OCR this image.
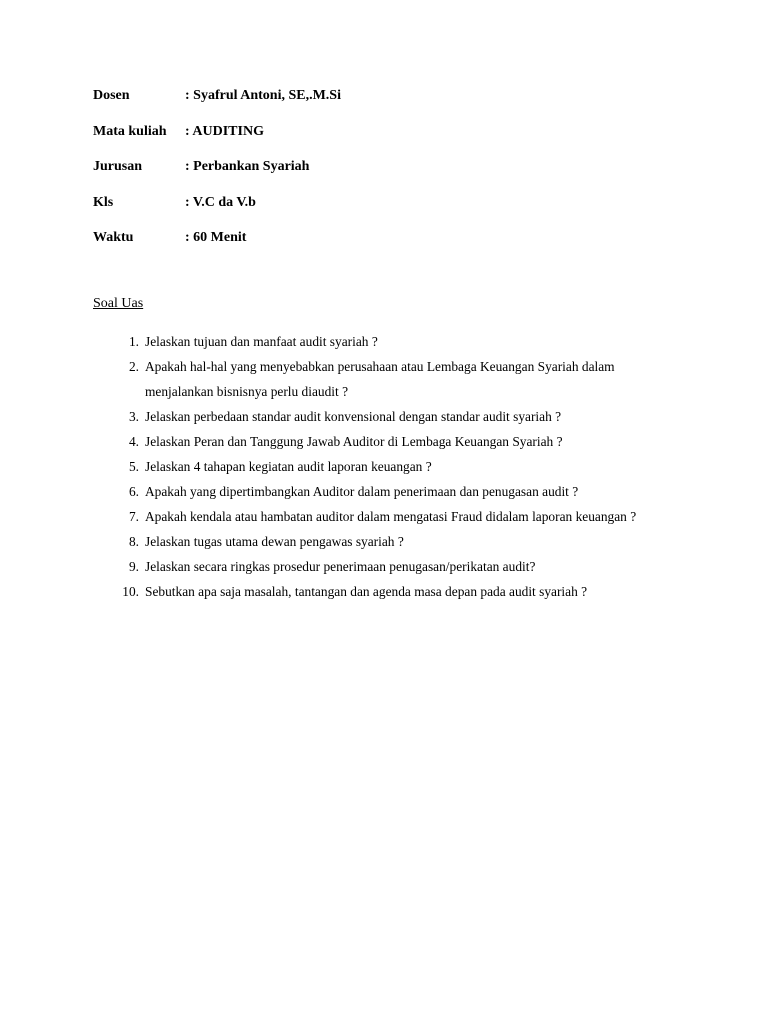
Dosen	: Syafrul Antoni, SE,.M.Si
Mata kuliah	: AUDITING
Jurusan	: Perbankan Syariah
Kls	: V.C da V.b
Waktu	: 60 Menit
Soal Uas
1. Jelaskan tujuan dan manfaat audit syariah ?
2. Apakah hal-hal yang menyebabkan perusahaan atau Lembaga Keuangan Syariah dalam menjalankan bisnisnya perlu diaudit ?
3. Jelaskan perbedaan standar audit konvensional dengan standar audit syariah ?
4. Jelaskan Peran dan Tanggung Jawab Auditor di Lembaga Keuangan Syariah ?
5. Jelaskan 4 tahapan kegiatan audit laporan keuangan ?
6. Apakah yang dipertimbangkan Auditor dalam penerimaan dan penugasan audit ?
7. Apakah kendala atau hambatan auditor dalam mengatasi Fraud didalam laporan keuangan ?
8. Jelaskan tugas utama dewan pengawas syariah ?
9. Jelaskan secara ringkas prosedur penerimaan penugasan/perikatan audit?
10. Sebutkan apa saja masalah, tantangan dan agenda masa depan pada audit syariah ?
